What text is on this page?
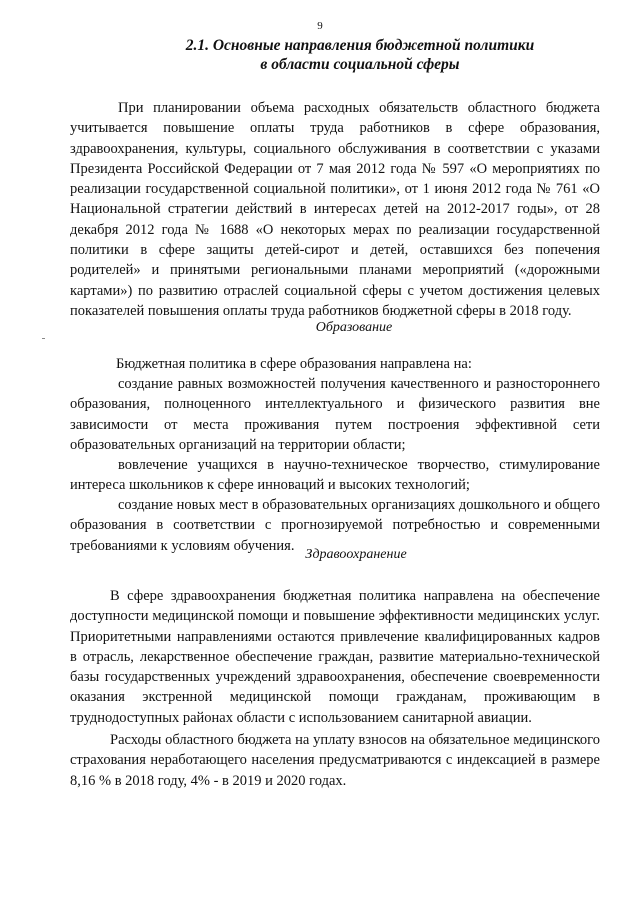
9
2.1. Основные направления бюджетной политики
в области социальной сферы

При планировании объема расходных обязательств областного бюджета учитывается повышение оплаты труда работников в сфере образования, здравоохранения, культуры, социального обслуживания в соответствии с указами Президента Российской Федерации от 7 мая 2012 года № 597 «О мероприятиях по реализации государственной социальной политики», от 1 июня 2012 года № 761 «О Национальной стратегии действий в интересах детей на 2012-2017 годы», от 28 декабря 2012 года № 1688 «О некоторых мерах по реализации государственной политики в сфере защиты детей-сирот и детей, оставшихся без попечения родителей» и принятыми региональными планами мероприятий («дорожными картами») по развитию отраслей социальной сферы с учетом достижения целевых показателей повышения оплаты труда работников бюджетной сферы в 2018 году.

Образование

Бюджетная политика в сфере образования направлена на:

создание равных возможностей получения качественного и разностороннего образования, полноценного интеллектуального и физического развития вне зависимости от места проживания путем построения эффективной сети образовательных организаций на территории области;

вовлечение учащихся в научно-техническое творчество, стимулирование интереса школьников к сфере инноваций и высоких технологий;

создание новых мест в образовательных организациях дошкольного и общего образования в соответствии с прогнозируемой потребностью и современными требованиями к условиям обучения.

Здравоохранение

В сфере здравоохранения бюджетная политика направлена на обеспечение доступности медицинской помощи и повышение эффективности медицинских услуг. Приоритетными направлениями остаются привлечение квалифицированных кадров в отрасль, лекарственное обеспечение граждан, развитие материально-технической базы государственных учреждений здравоохранения, обеспечение своевременности оказания экстренной медицинской помощи гражданам, проживающим в труднодоступных районах области с использованием санитарной авиации.

Расходы областного бюджета на уплату взносов на обязательное медицинского страхования неработающего населения предусматриваются с индексацией в размере 8,16 % в 2018 году, 4% - в 2019 и 2020 годах.
